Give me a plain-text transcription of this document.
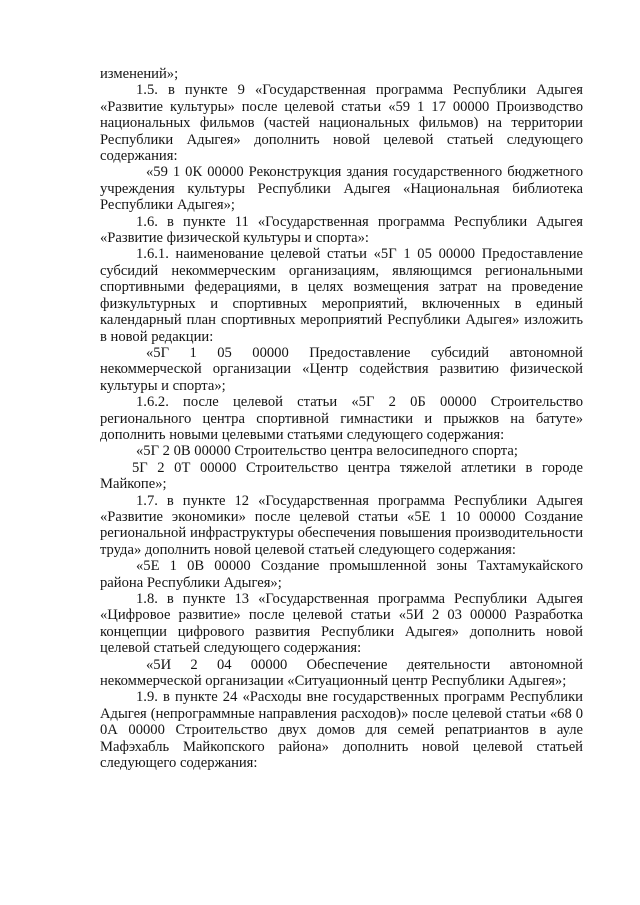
изменений»;

1.5. в пункте 9 «Государственная программа Республики Адыгея «Развитие культуры» после целевой статьи «59 1 17 00000 Производство национальных фильмов (частей национальных фильмов) на территории Республики Адыгея» дополнить новой целевой статьей следующего содержания:

«59 1 0К 00000 Реконструкция здания государственного бюджетного учреждения культуры Республики Адыгея «Национальная библиотека Республики Адыгея»;

1.6. в пункте 11 «Государственная программа Республики Адыгея «Развитие физической культуры и спорта»:

1.6.1. наименование целевой статьи «5Г 1 05 00000 Предоставление субсидий некоммерческим организациям, являющимся региональными спортивными федерациями, в целях возмещения затрат на проведение физкультурных и спортивных мероприятий, включенных в единый календарный план спортивных мероприятий Республики Адыгея» изложить в новой редакции:

«5Г 1 05 00000 Предоставление субсидий автономной некоммерческой организации «Центр содействия развитию физической культуры и спорта»;

1.6.2. после целевой статьи «5Г 2 0Б 00000 Строительство регионального центра спортивной гимнастики и прыжков на батуте» дополнить новыми целевыми статьями следующего содержания:

«5Г 2 0В 00000 Строительство центра велосипедного спорта;

5Г 2 0Т 00000 Строительство центра тяжелой атлетики в городе Майкопе»;

1.7. в пункте 12 «Государственная программа Республики Адыгея «Развитие экономики» после целевой статьи «5Е 1 10 00000 Создание региональной инфраструктуры обеспечения повышения производительности труда» дополнить новой целевой статьей следующего содержания:

«5Е 1 0В 00000 Создание промышленной зоны Тахтамукайского района Республики Адыгея»;

1.8. в пункте 13 «Государственная программа Республики Адыгея «Цифровое развитие» после целевой статьи «5И 2 03 00000 Разработка концепции цифрового развития Республики Адыгея» дополнить новой целевой статьей следующего содержания:

«5И 2 04 00000 Обеспечение деятельности автономной некоммерческой организации «Ситуационный центр Республики Адыгея»;

1.9. в пункте 24 «Расходы вне государственных программ Республики Адыгея (непрограммные направления расходов)» после целевой статьи «68 0 0А 00000 Строительство двух домов для семей репатриантов в ауле Мафэхабль Майкопского района» дополнить новой целевой статьей следующего содержания:
